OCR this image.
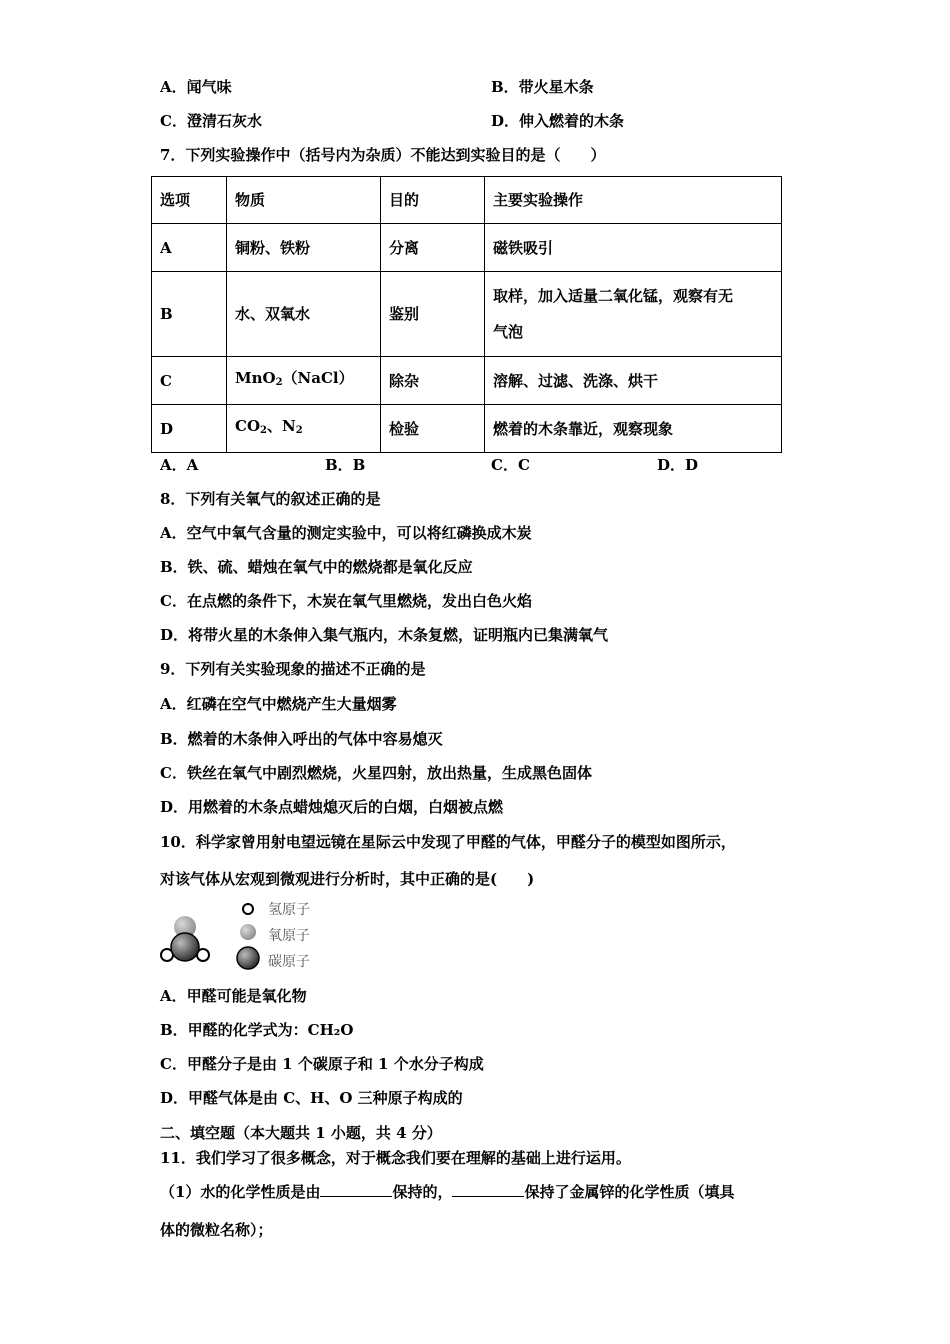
A．闻气味	B．带火星木条
C．澄清石灰水	D．伸入燃着的木条
7．下列实验操作中（括号内为杂质）不能达到实验目的是（　　）
选项	物质	目的	主要实验操作
A	铜粉、铁粉	分离	磁铁吸引
B	水、双氧水	鉴别	取样，加入适量二氧化锰，观察有无
气泡

C	MnO$_2$（NaCl）	除杂	溶解、过滤、洗涤、烘干
D	$CO_2$、$N_2$	检验	燃着的木条靠近，观察现象
A．A	B．B	C．C	D．D
8．下列有关氧气的叙述正确的是
A．空气中氧气含量的测定实验中，可以将红磷换成木炭
B．铁、硫、蜡烛在氧气中的燃烧都是氧化反应
C．在点燃的条件下，木炭在氧气里燃烧，发出白色火焰
D．将带火星的木条伸入集气瓶内，木条复燃，证明瓶内已集满氧气
9．下列有关实验现象的描述不正确的是
A．红磷在空气中燃烧产生大量烟雾
B．燃着的木条伸入呼出的气体中容易熄灭
C．铁丝在氧气中剧烈燃烧，火星四射，放出热量，生成黑色固体
D．用燃着的木条点蜡烛熄灭后的白烟，白烟被点燃
10．科学家曾用射电望远镜在星际云中发现了甲醛的气体，甲醛分子的模型如图所示，
对该气体从宏观到微观进行分析时，其中正确的是(　　)
氢原子
氧原子
碳原子
A．甲醛可能是氧化物
B．甲醛的化学式为：CH₂O
C．甲醛分子是由 1 个碳原子和 1 个水分子构成
D．甲醛气体是由 C、H、O 三种原子构成的
二、填空题（本大题共 1 小题，共 4 分）
11．我们学习了很多概念，对于概念我们要在理解的基础上进行运用。
（1）水的化学性质是由	保持的，	保持了金属锌的化学性质（填具
体的微粒名称）；
